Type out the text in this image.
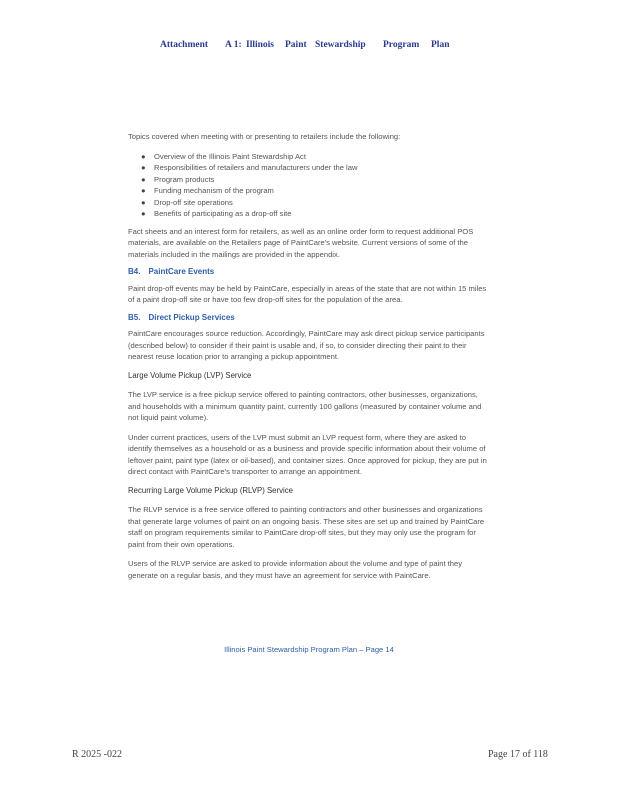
Attachment A 1: Illinois Paint Stewardship Program Plan

Topics covered when meeting with or presenting to retailers include the following:

● Overview of the Illinois Paint Stewardship Act
● Responsibilities of retailers and manufacturers under the law
● Program products
● Funding mechanism of the program
● Drop-off site operations
● Benefits of participating as a drop-off site

Fact sheets and an interest form for retailers, as well as an online order form to request additional POS materials, are available on the Retailers page of PaintCare's website. Current versions of some of the materials included in the mailings are provided in the appendix.

B4. PaintCare Events

Paint drop-off events may be held by PaintCare, especially in areas of the state that are not within 15 miles of a paint drop-off site or have too few drop-off sites for the population of the area.

B5. Direct Pickup Services

PaintCare encourages source reduction. Accordingly, PaintCare may ask direct pickup service participants (described below) to consider if their paint is usable and, if so, to consider directing their paint to their nearest reuse location prior to arranging a pickup appointment.

Large Volume Pickup (LVP) Service

The LVP service is a free pickup service offered to painting contractors, other businesses, organizations, and households with a minimum quantity paint, currently 100 gallons (measured by container volume and not liquid paint volume).

Under current practices, users of the LVP must submit an LVP request form, where they are asked to identify themselves as a household or as a business and provide specific information about their volume of leftover paint, paint type (latex or oil-based), and container sizes. Once approved for pickup, they are put in direct contact with PaintCare's transporter to arrange an appointment.

Recurring Large Volume Pickup (RLVP) Service

The RLVP service is a free service offered to painting contractors and other businesses and organizations that generate large volumes of paint on an ongoing basis. These sites are set up and trained by PaintCare staff on program requirements similar to PaintCare drop-off sites, but they may only use the program for paint from their own operations.

Users of the RLVP service are asked to provide information about the volume and type of paint they generate on a regular basis, and they must have an agreement for service with PaintCare.

Illinois Paint Stewardship Program Plan – Page 14
R 2025 -022	Page 17 of 118
